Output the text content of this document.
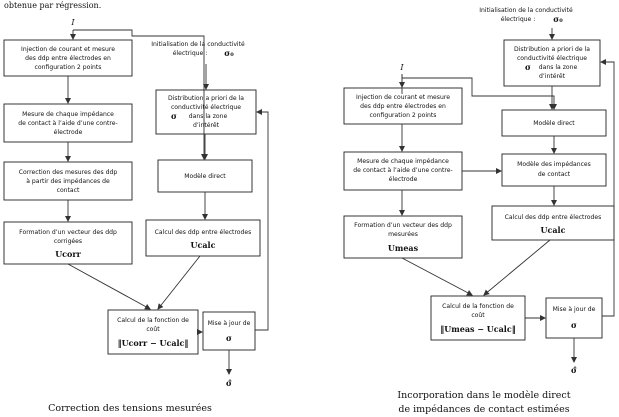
obtenue par régression.
I
Injection de courant et mesure
des ddp entre électrodes en
configuration 2 points
Mesure de chaque impédance
de contact à l’aide d’une contre-
électrode
Correction des mesures des ddp
à partir des impédances de
contact
Formation d’un vecteur des ddp
corrigées
Ucorr
Initialisation de la conductivité
électrique : σ₀
Distribution a priori de la
conductivité électrique
σ dans la zone
d’intérêt
Modèle direct
Calcul des ddp entre électrodes
Ucalc
Calcul de la fonction de
coût
‖Ucorr − Ucalc‖
Mise à jour de
σ
σ̂
Correction des tensions mesurées
Initialisation de la conductivité
électrique : σ₀
Distribution a priori de la
conductivité électrique
σ dans la zone
d’intérêt
I
Injection de courant et mesure
des ddp entre électrodes en
configuration 2 points
Modèle direct
Mesure de chaque impédance
de contact à l’aide d’une contre-
électrode
Modèle des impédances
de contact
Formation d’un vecteur des ddp
mesurées
Umeas
Calcul des ddp entre électrodes
Ucalc
Calcul de la fonction de
coût
‖Umeas − Ucalc‖
Mise à jour de
σ
σ̂
Incorporation dans le modèle direct
de impédances de contact estimées
